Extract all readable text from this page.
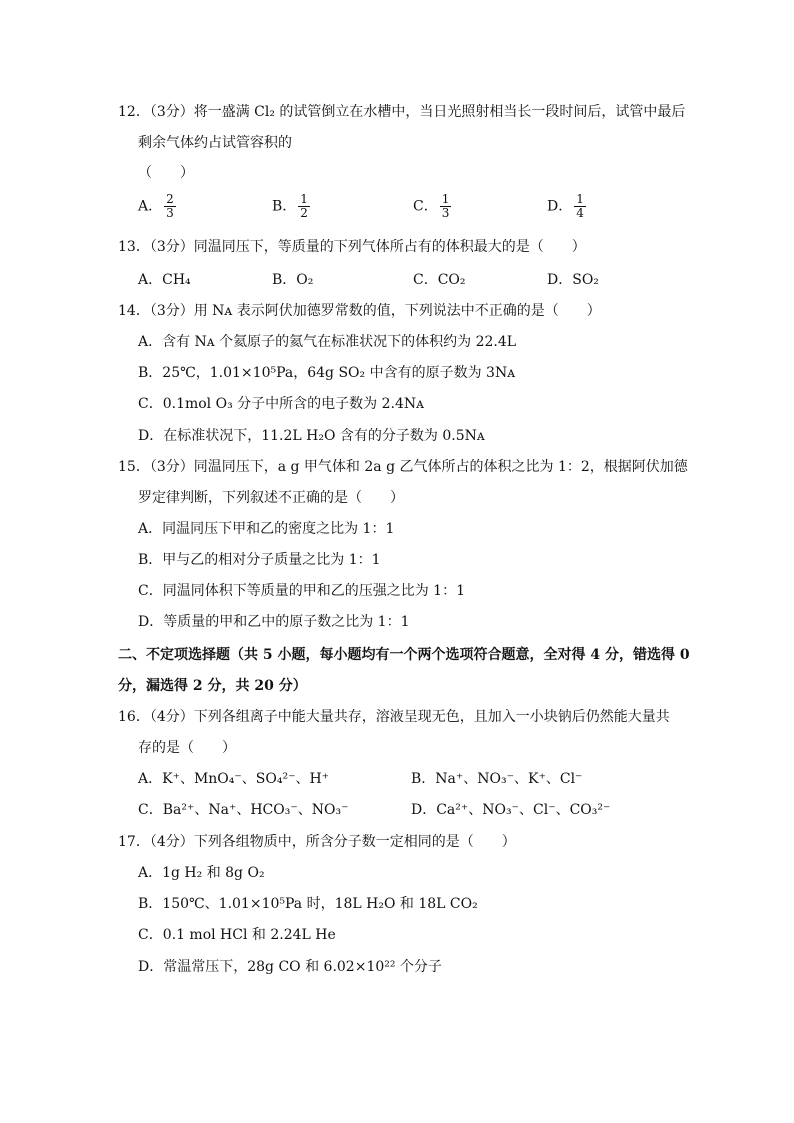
12．（3分）将一盛满 Cl₂ 的试管倒立在水槽中，当日光照射相当长一段时间后，试管中最后
剩余气体约占试管容积的
（　　）
A． $\frac{2}{3}$	B． $\frac{1}{2}$	C． $\frac{1}{3}$	D． $\frac{1}{4}$
13．（3分）同温同压下，等质量的下列气体所占有的体积最大的是（　　）
A．CH₄	B．O₂	C．CO₂	D．SO₂
14．（3分）用 Nᴀ 表示阿伏加德罗常数的值，下列说法中不正确的是（　　）
A．含有 Nᴀ 个氦原子的氦气在标准状况下的体积约为 22.4L
B．25℃，1.01×10⁵Pa，64g SO₂ 中含有的原子数为 3Nᴀ
C．0.1mol O₃ 分子中所含的电子数为 2.4Nᴀ
D．在标准状况下，11.2L H₂O 含有的分子数为 0.5Nᴀ
15．（3分）同温同压下，a g 甲气体和 2a g 乙气体所占的体积之比为 1：2，根据阿伏加德
罗定律判断，下列叙述不正确的是（　　）
A．同温同压下甲和乙的密度之比为 1：1
B．甲与乙的相对分子质量之比为 1：1
C．同温同体积下等质量的甲和乙的压强之比为 1：1
D．等质量的甲和乙中的原子数之比为 1：1
二、不定项选择题（共 5 小题，每小题均有一个两个选项符合题意，全对得 4 分，错选得 0
分，漏选得 2 分，共 20 分）
16．（4分）下列各组离子中能大量共存，溶液呈现无色，且加入一小块钠后仍然能大量共
存的是（　　）
A．K⁺、MnO₄⁻、SO₄²⁻、H⁺	B．Na⁺、NO₃⁻、K⁺、Cl⁻
C．Ba²⁺、Na⁺、HCO₃⁻、NO₃⁻	D．Ca²⁺、NO₃⁻、Cl⁻、CO₃²⁻
17．（4分）下列各组物质中，所含分子数一定相同的是（　　）
A．1g H₂ 和 8g O₂
B．150℃、1.01×10⁵Pa 时，18L H₂O 和 18L CO₂
C．0.1 mol HCl 和 2.24L He
D．常温常压下，28g CO 和 6.02×10²² 个分子
